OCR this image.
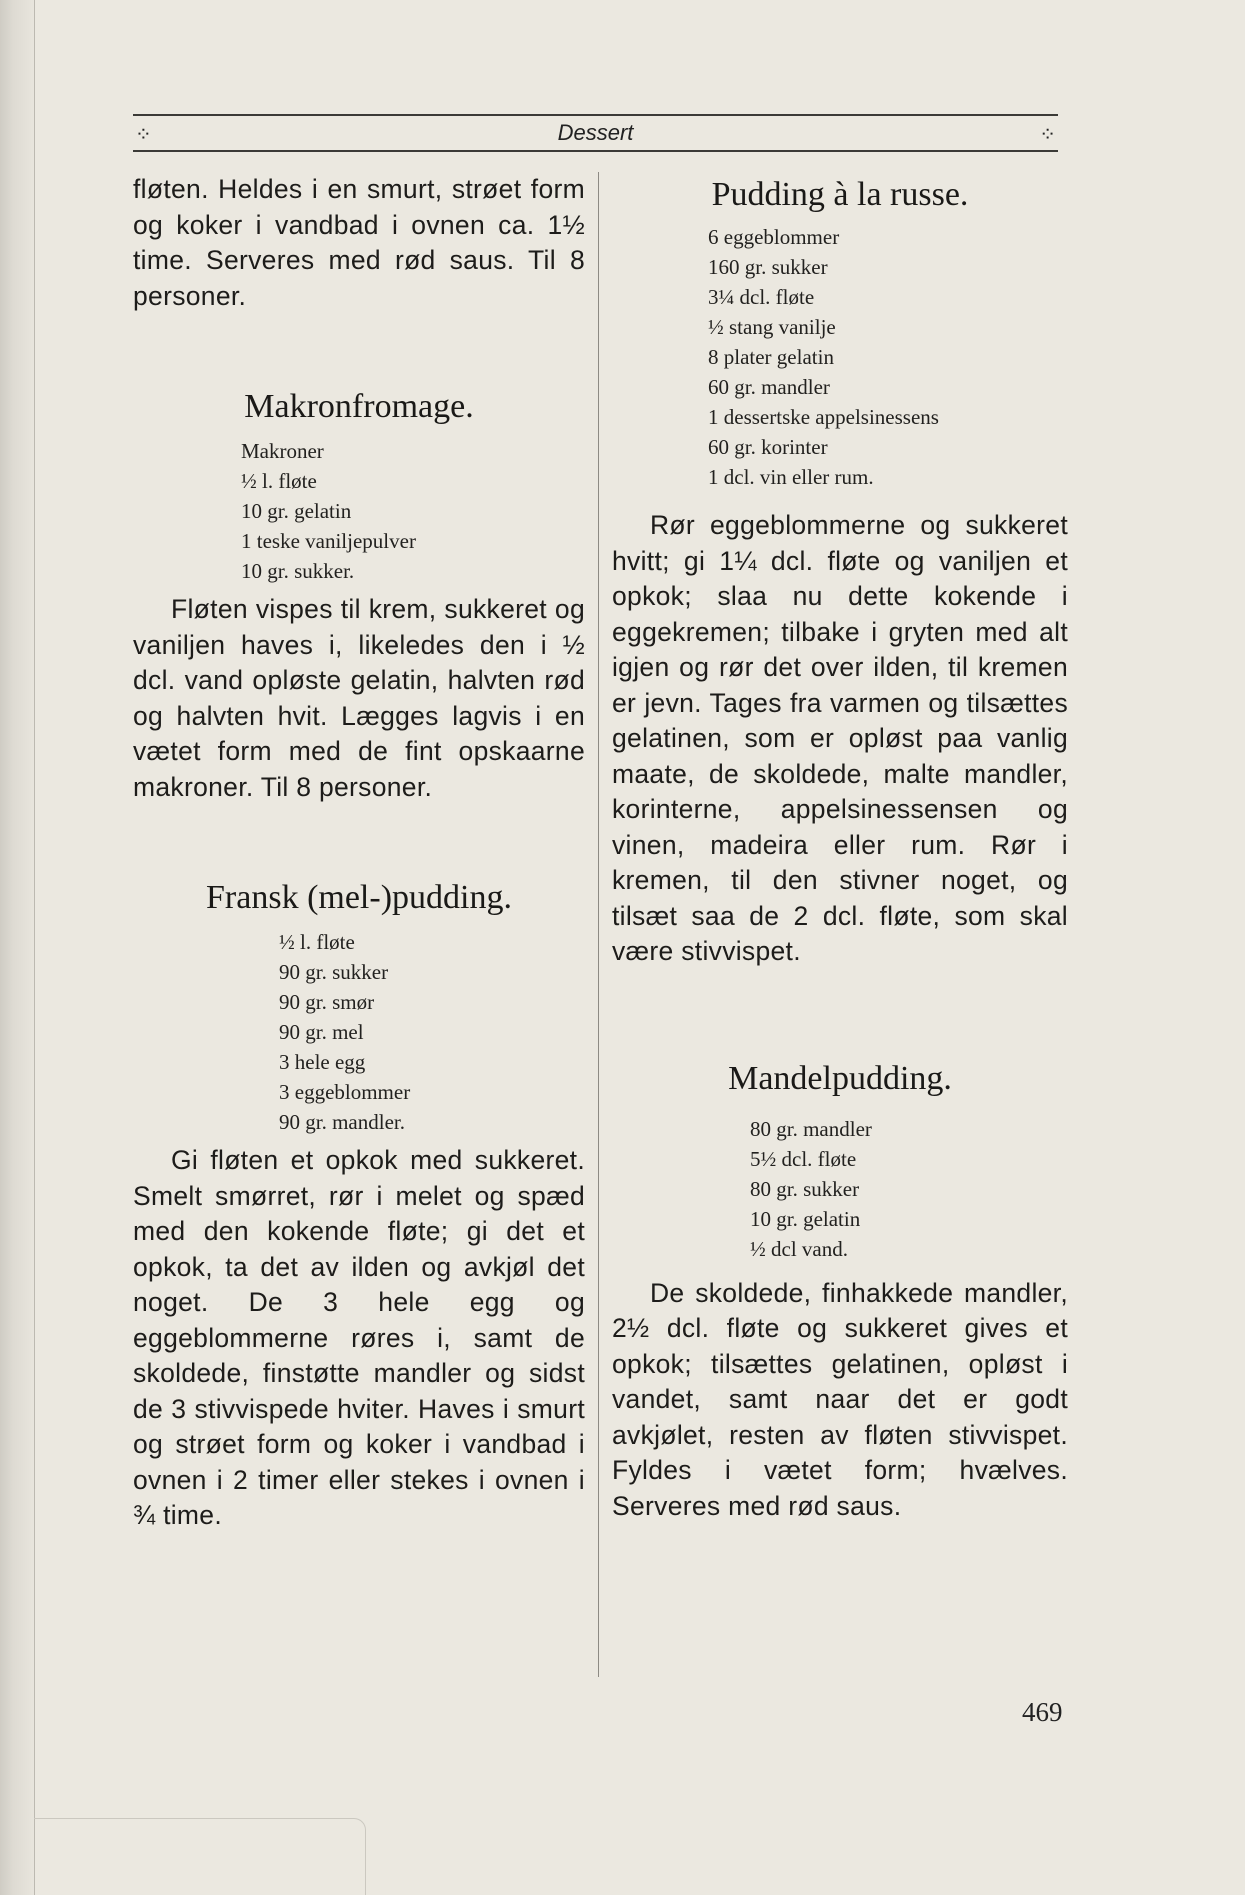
⁘	Dessert	⁘

fløten. Heldes i en smurt, strøet form og koker i vandbad i ovnen ca. 1½ time. Serveres med rød saus. Til 8 personer.

Makronfromage.
Makroner
½ l. fløte
10 gr. gelatin
1 teske vaniljepulver
10 gr. sukker.

Fløten vispes til krem, sukkeret og vaniljen haves i, likeledes den i ½ dcl. vand opløste gelatin, halvten rød og halvten hvit. Lægges lagvis i en vætet form med de fint opskaarne makroner. Til 8 personer.

Fransk (mel-)pudding.
½ l. fløte
90 gr. sukker
90 gr. smør
90 gr. mel
3 hele egg
3 eggeblommer
90 gr. mandler.

Gi fløten et opkok med sukkeret. Smelt smørret, rør i melet og spæd med den kokende fløte; gi det et opkok, ta det av ilden og avkjøl det noget. De 3 hele egg og eggeblommerne røres i, samt de skoldede, finstøtte mandler og sidst de 3 stivvispede hviter. Haves i smurt og strøet form og koker i vandbad i ovnen i 2 timer eller stekes i ovnen i ¾ time.

Pudding à la russe.
6 eggeblommer
160 gr. sukker
3¼ dcl. fløte
½ stang vanilje
8 plater gelatin
60 gr. mandler
1 dessertske appelsinessens
60 gr. korinter
1 dcl. vin eller rum.

Rør eggeblommerne og sukkeret hvitt; gi 1¼ dcl. fløte og vaniljen et opkok; slaa nu dette kokende i eggekremen; tilbake i gryten med alt igjen og rør det over ilden, til kremen er jevn. Tages fra varmen og tilsættes gelatinen, som er opløst paa vanlig maate, de skoldede, malte mandler, korinterne, appelsinessensen og vinen, madeira eller rum. Rør i kremen, til den stivner noget, og tilsæt saa de 2 dcl. fløte, som skal være stivvispet.

Mandelpudding.
80 gr. mandler
5½ dcl. fløte
80 gr. sukker
10 gr. gelatin
½ dcl vand.

De skoldede, finhakkede mandler, 2½ dcl. fløte og sukkeret gives et opkok; tilsættes gelatinen, opløst i vandet, samt naar det er godt avkjølet, resten av fløten stivvispet. Fyldes i vætet form; hvælves. Serveres med rød saus.

469
